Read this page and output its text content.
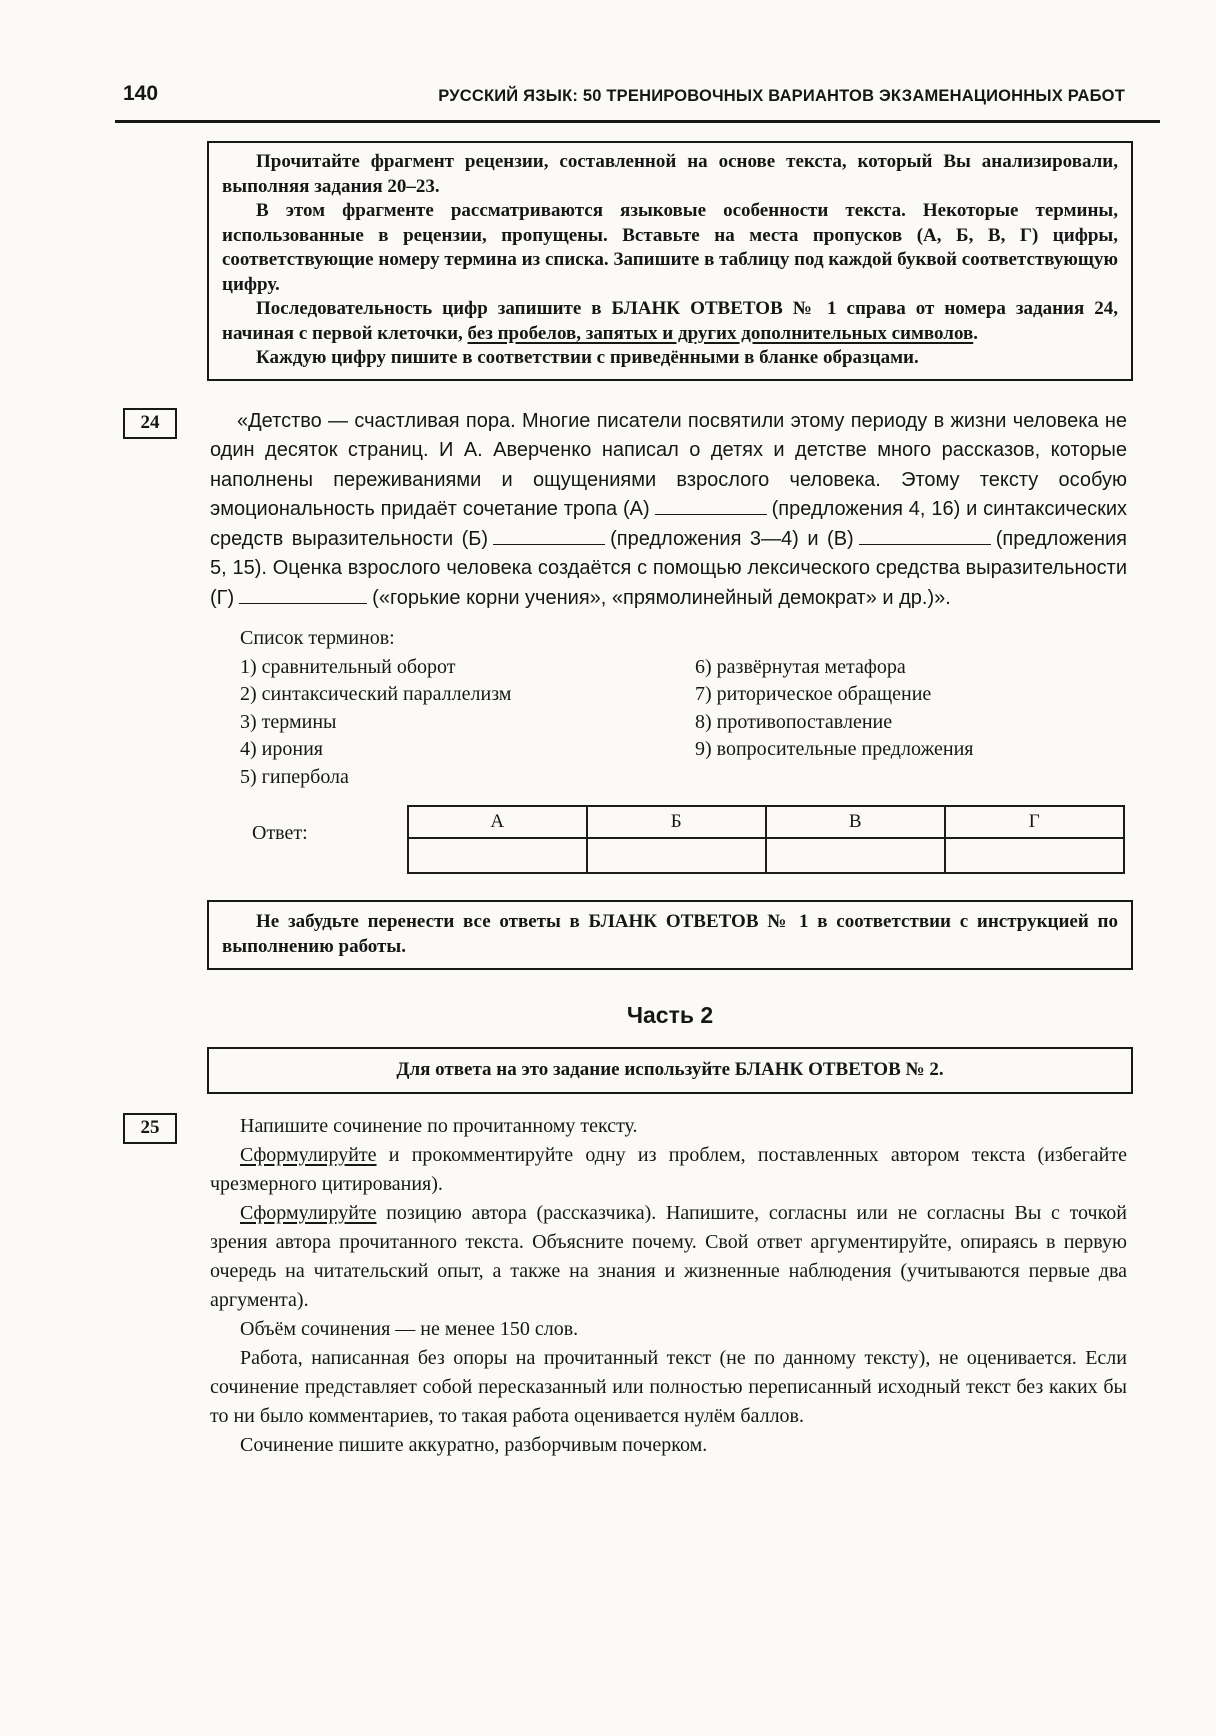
140	РУССКИЙ ЯЗЫК: 50 ТРЕНИРОВОЧНЫХ ВАРИАНТОВ ЭКЗАМЕНАЦИОННЫХ РАБОТ

Прочитайте фрагмент рецензии, составленной на основе текста, который Вы анализировали, выполняя задания 20–23.

В этом фрагменте рассматриваются языковые особенности текста. Некоторые термины, использованные в рецензии, пропущены. Вставьте на места пропусков (А, Б, В, Г) цифры, соответствующие номеру термина из списка. Запишите в таблицу под каждой буквой соответствующую цифру.

Последовательность цифр запишите в БЛАНК ОТВЕТОВ № 1 справа от номера задания 24, начиная с первой клеточки, без пробелов, запятых и других дополнительных символов.

Каждую цифру пишите в соответствии с приведёнными в бланке образцами.

24	«Детство — счастливая пора. Многие писатели посвятили этому периоду в жизни человека не один десяток страниц. И А. Аверченко написал о детях и детстве много рассказов, которые наполнены переживаниями и ощущениями взрослого человека. Этому тексту особую эмоциональность придаёт сочетание тропа (А)	(предложения 4, 16) и синтаксических средств выразительности (Б)	(предложения 3—4) и (В)	(предложения 5, 15). Оценка взрослого человека создаётся с помощью лексического средства выразительности (Г)	(«горькие корни учения», «прямолинейный демократ» и др.)».

Список терминов:

1) сравнительный оборот
2) синтаксический параллелизм
3) термины
4) ирония
5) гипербола
6) развёрнутая метафора
7) риторическое обращение
8) противопоставление
9) вопросительные предложения
Ответ:
А	Б	В	Г

Не забудьте перенести все ответы в БЛАНК ОТВЕТОВ № 1 в соответствии с инструкцией по выполнению работы.

Часть 2

Для ответа на это задание используйте БЛАНК ОТВЕТОВ № 2.

25	Напишите сочинение по прочитанному тексту.

Сформулируйте и прокомментируйте одну из проблем, поставленных автором текста (избегайте чрезмерного цитирования).

Сформулируйте позицию автора (рассказчика). Напишите, согласны или не согласны Вы с точкой зрения автора прочитанного текста. Объясните почему. Свой ответ аргументируйте, опираясь в первую очередь на читательский опыт, а также на знания и жизненные наблюдения (учитываются первые два аргумента).

Объём сочинения — не менее 150 слов.

Работа, написанная без опоры на прочитанный текст (не по данному тексту), не оценивается. Если сочинение представляет собой пересказанный или полностью переписанный исходный текст без каких бы то ни было комментариев, то такая работа оценивается нулём баллов.

Сочинение пишите аккуратно, разборчивым почерком.
